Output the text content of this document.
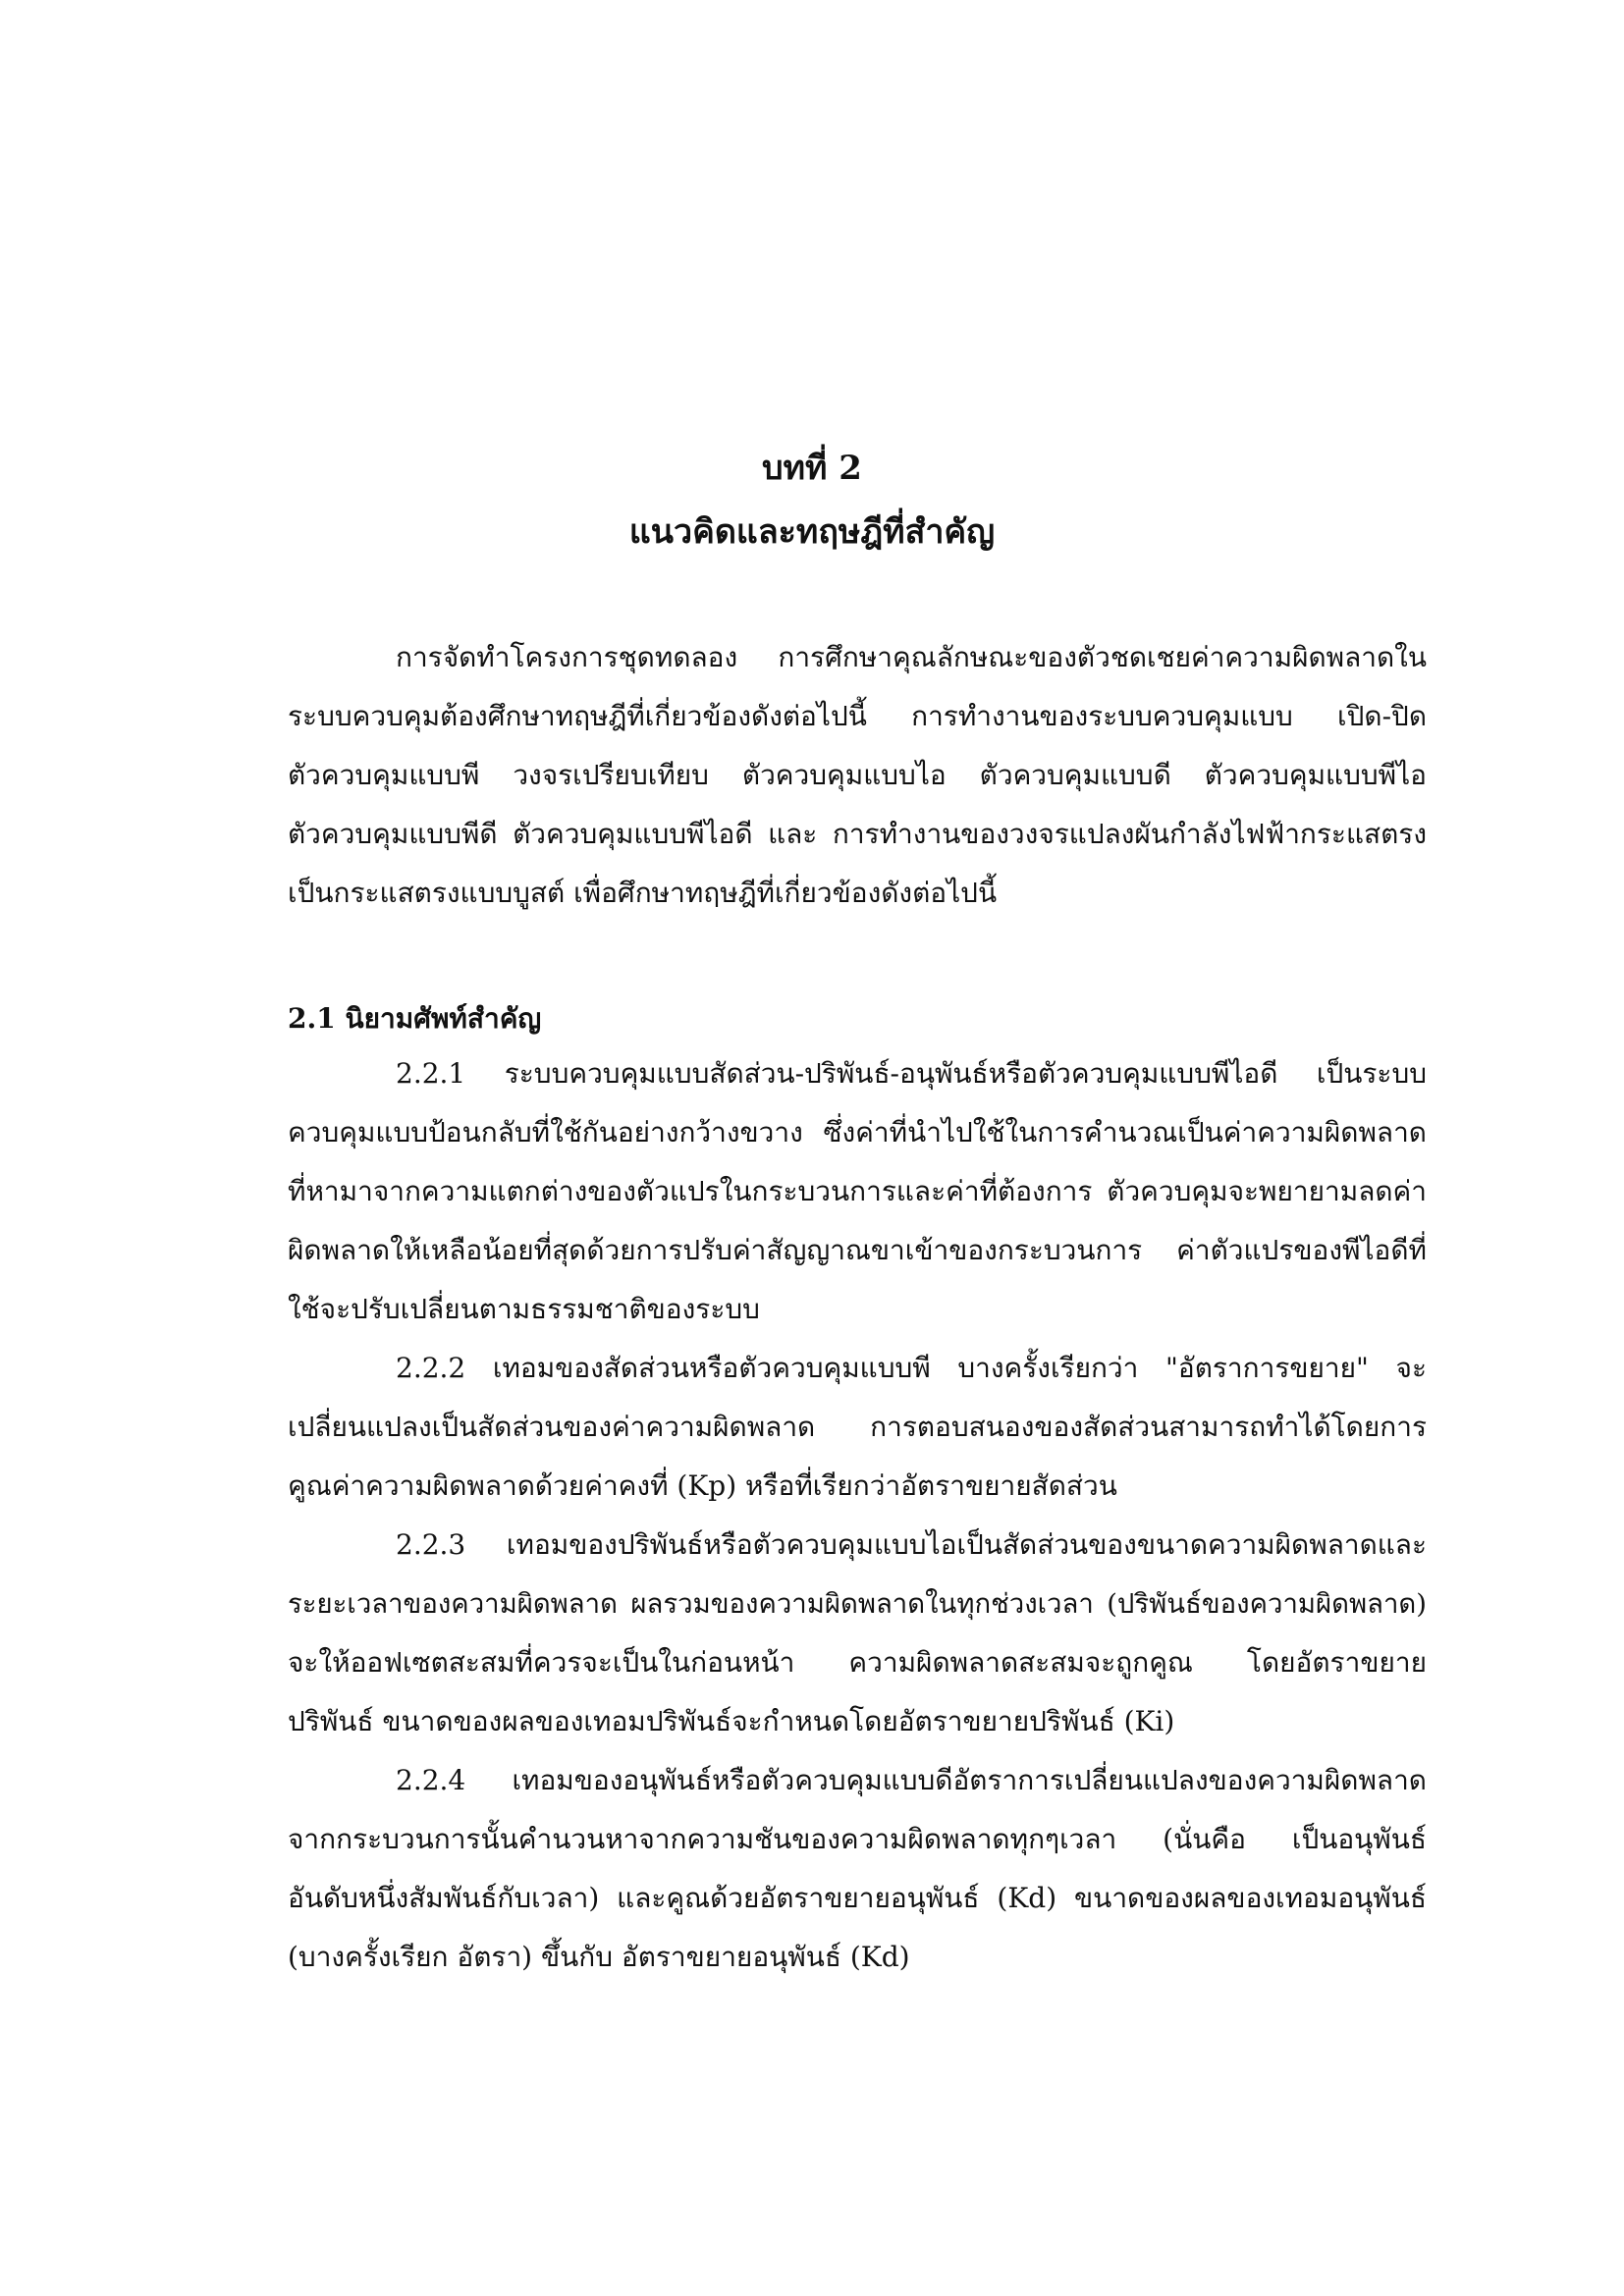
บทที่ 2
แนวคิดและทฤษฎีที่สำคัญ
การจัดทำโครงการชุดทดลอง การศึกษาคุณลักษณะของตัวชดเชยค่าความผิดพลาดใน
ระบบควบคุมต้องศึกษาทฤษฎีที่เกี่ยวข้องดังต่อไปนี้ การทำงานของระบบควบคุมแบบ เปิด-ปิด
ตัวควบคุมแบบพี วงจรเปรียบเทียบ ตัวควบคุมแบบไอ ตัวควบคุมแบบดี ตัวควบคุมแบบพีไอ
ตัวควบคุมแบบพีดี ตัวควบคุมแบบพีไอดี และ การทำงานของวงจรแปลงผันกำลังไฟฟ้ากระแสตรง
เป็นกระแสตรงแบบบูสต์ เพื่อศึกษาทฤษฎีที่เกี่ยวข้องดังต่อไปนี้
2.1 นิยามศัพท์สำคัญ
2.2.1 ระบบควบคุมแบบสัดส่วน-ปริพันธ์-อนุพันธ์หรือตัวควบคุมแบบพีไอดี เป็นระบบ
ควบคุมแบบป้อนกลับที่ใช้กันอย่างกว้างขวาง ซึ่งค่าที่นำไปใช้ในการคำนวณเป็นค่าความผิดพลาด
ที่หามาจากความแตกต่างของตัวแปรในกระบวนการและค่าที่ต้องการ ตัวควบคุมจะพยายามลดค่า
ผิดพลาดให้เหลือน้อยที่สุดด้วยการปรับค่าสัญญาณขาเข้าของกระบวนการ ค่าตัวแปรของพีไอดีที่
ใช้จะปรับเปลี่ยนตามธรรมชาติของระบบ
2.2.2 เทอมของสัดส่วนหรือตัวควบคุมแบบพี บางครั้งเรียกว่า "อัตราการขยาย" จะ
เปลี่ยนแปลงเป็นสัดส่วนของค่าความผิดพลาด การตอบสนองของสัดส่วนสามารถทำได้โดยการ
คูณค่าความผิดพลาดด้วยค่าคงที่ (Kp) หรือที่เรียกว่าอัตราขยายสัดส่วน
2.2.3 เทอมของปริพันธ์หรือตัวควบคุมแบบไอเป็นสัดส่วนของขนาดความผิดพลาดและ
ระยะเวลาของความผิดพลาด ผลรวมของความผิดพลาดในทุกช่วงเวลา (ปริพันธ์ของความผิดพลาด)
จะให้ออฟเซตสะสมที่ควรจะเป็นในก่อนหน้า ความผิดพลาดสะสมจะถูกคูณ โดยอัตราขยาย
ปริพันธ์ ขนาดของผลของเทอมปริพันธ์จะกำหนดโดยอัตราขยายปริพันธ์ (Ki)
2.2.4 เทอมของอนุพันธ์หรือตัวควบคุมแบบดีอัตราการเปลี่ยนแปลงของความผิดพลาด
จากกระบวนการนั้นคำนวนหาจากความชันของความผิดพลาดทุกๆเวลา (นั่นคือ เป็นอนุพันธ์
อันดับหนึ่งสัมพันธ์กับเวลา) และคูณด้วยอัตราขยายอนุพันธ์ (Kd) ขนาดของผลของเทอมอนุพันธ์
(บางครั้งเรียก อัตรา) ขึ้นกับ อัตราขยายอนุพันธ์ (Kd)
